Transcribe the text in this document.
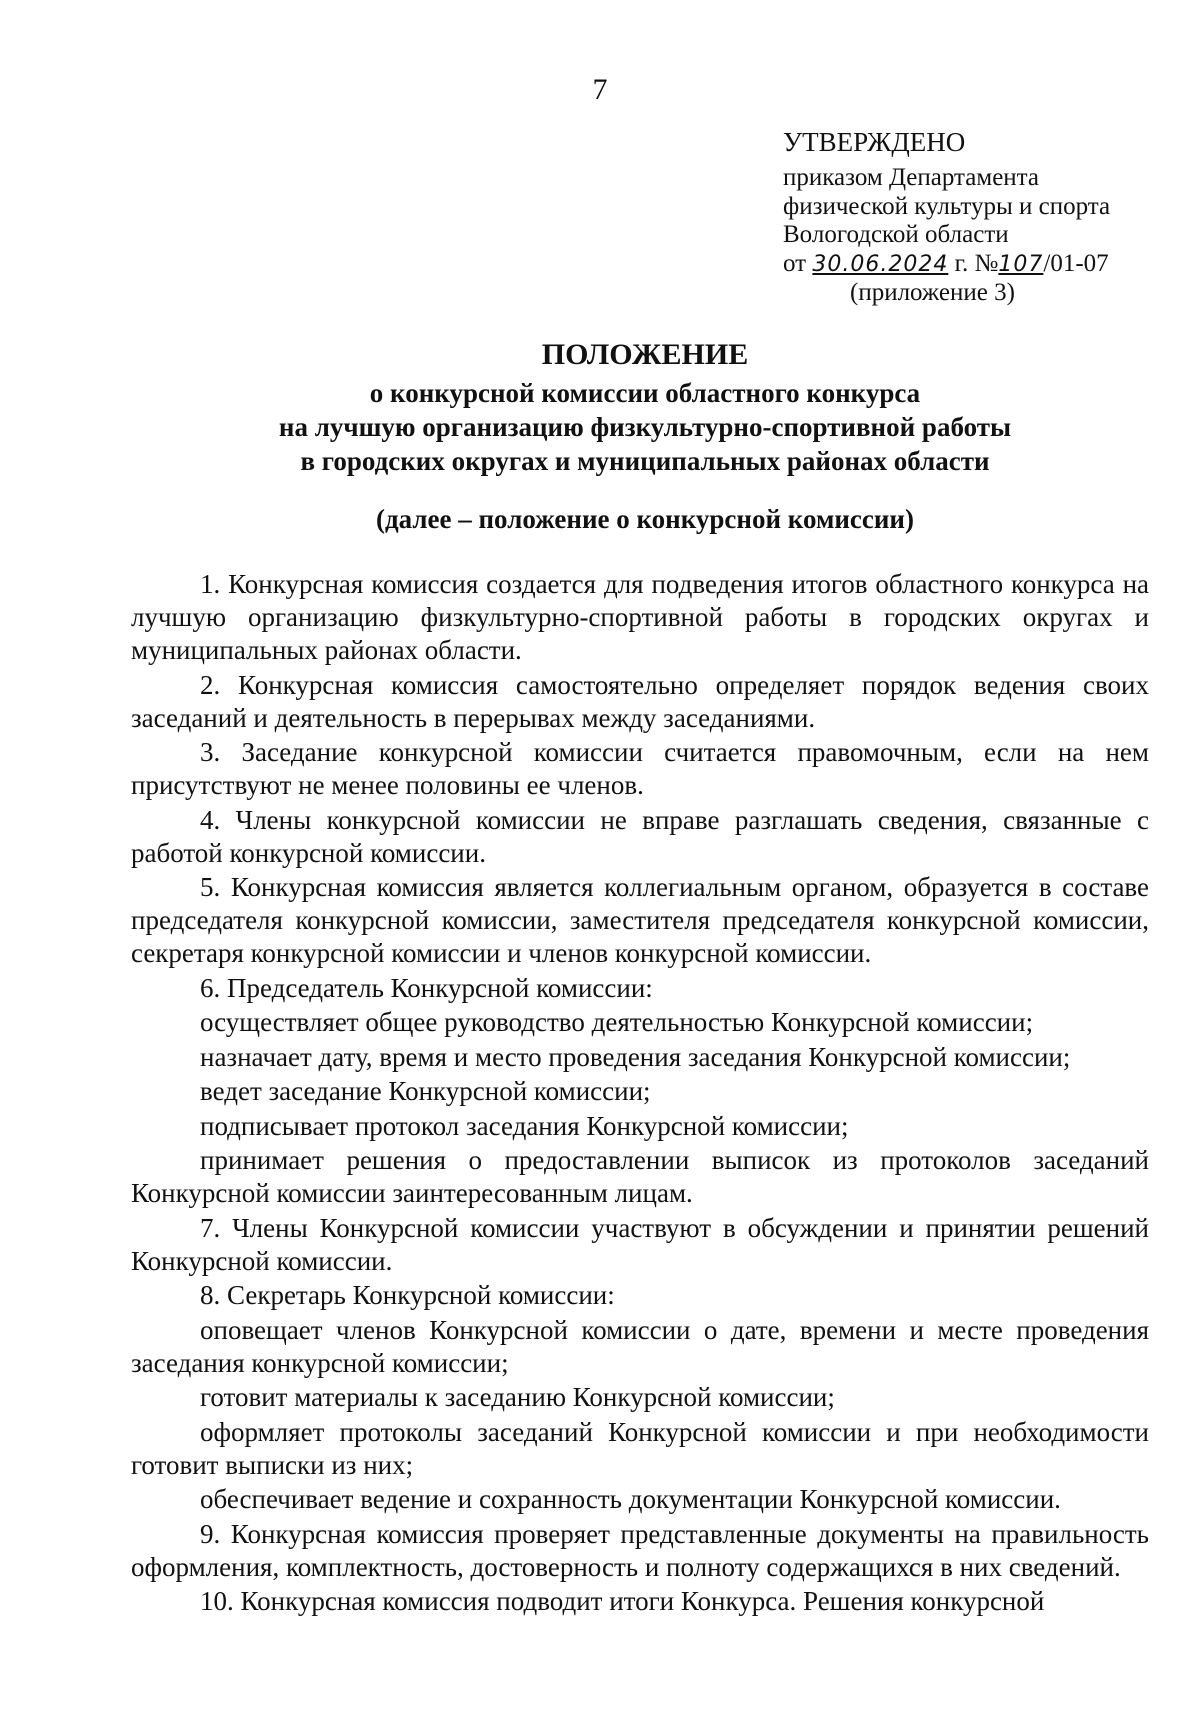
7
УТВЕРЖДЕНО
приказом Департамента
физической культуры и спорта
Вологодской области
от 30.06.2024 г. №107/01-07
(приложение 3)
ПОЛОЖЕНИЕ
о конкурсной комиссии областного конкурса
на лучшую организацию физкультурно-спортивной работы
в городских округах и муниципальных районах области
(далее – положение о конкурсной комиссии)

1. Конкурсная комиссия создается для подведения итогов областного конкурса на лучшую организацию физкультурно-спортивной работы в городских округах и муниципальных районах области.

2. Конкурсная комиссия самостоятельно определяет порядок ведения своих заседаний и деятельность в перерывах между заседаниями.

3. Заседание конкурсной комиссии считается правомочным, если на нем присутствуют не менее половины ее членов.

4. Члены конкурсной комиссии не вправе разглашать сведения, связанные с работой конкурсной комиссии.

5. Конкурсная комиссия является коллегиальным органом, образуется в составе председателя конкурсной комиссии, заместителя председателя конкурсной комиссии, секретаря конкурсной комиссии и членов конкурсной комиссии.

6. Председатель Конкурсной комиссии:

осуществляет общее руководство деятельностью Конкурсной комиссии;

назначает дату, время и место проведения заседания Конкурсной комиссии;

ведет заседание Конкурсной комиссии;

подписывает протокол заседания Конкурсной комиссии;

принимает решения о предоставлении выписок из протоколов заседаний Конкурсной комиссии заинтересованным лицам.

7. Члены Конкурсной комиссии участвуют в обсуждении и принятии решений Конкурсной комиссии.

8. Секретарь Конкурсной комиссии:

оповещает членов Конкурсной комиссии о дате, времени и месте проведения заседания конкурсной комиссии;

готовит материалы к заседанию Конкурсной комиссии;

оформляет протоколы заседаний Конкурсной комиссии и при необходимости готовит выписки из них;

обеспечивает ведение и сохранность документации Конкурсной комиссии.

9. Конкурсная комиссия проверяет представленные документы на правильность оформления, комплектность, достоверность и полноту содержащихся в них сведений.

10. Конкурсная комиссия подводит итоги Конкурса. Решения конкурсной
